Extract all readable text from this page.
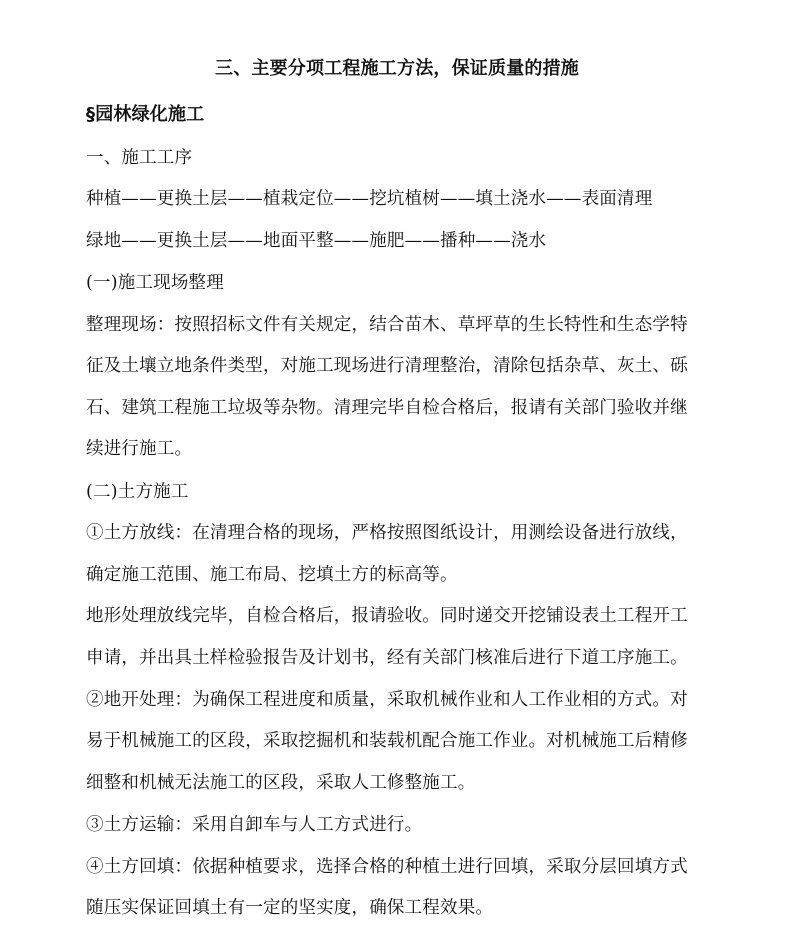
三、主要分项工程施工方法，保证质量的措施
§园林绿化施工
一、施工工序
种植——更换土层——植栽定位——挖坑植树——填土浇水——表面清理
绿地——更换土层——地面平整——施肥——播种——浇水
(一)施工现场整理
整理现场：按照招标文件有关规定，结合苗木、草坪草的生长特性和生态学特
征及土壤立地条件类型，对施工现场进行清理整治，清除包括杂草、灰土、砾
石、建筑工程施工垃圾等杂物。清理完毕自检合格后，报请有关部门验收并继
续进行施工。
(二)土方施工
①土方放线：在清理合格的现场，严格按照图纸设计，用测绘设备进行放线，
确定施工范围、施工布局、挖填土方的标高等。
地形处理放线完毕，自检合格后，报请验收。同时递交开挖铺设表土工程开工
申请，并出具土样检验报告及计划书，经有关部门核准后进行下道工序施工。
②地开处理：为确保工程进度和质量，采取机械作业和人工作业相的方式。对
易于机械施工的区段，采取挖掘机和装载机配合施工作业。对机械施工后精修
细整和机械无法施工的区段，采取人工修整施工。
③土方运输：采用自卸车与人工方式进行。
④土方回填：依据种植要求，选择合格的种植土进行回填，采取分层回填方式
随压实保证回填土有一定的坚实度，确保工程效果。
